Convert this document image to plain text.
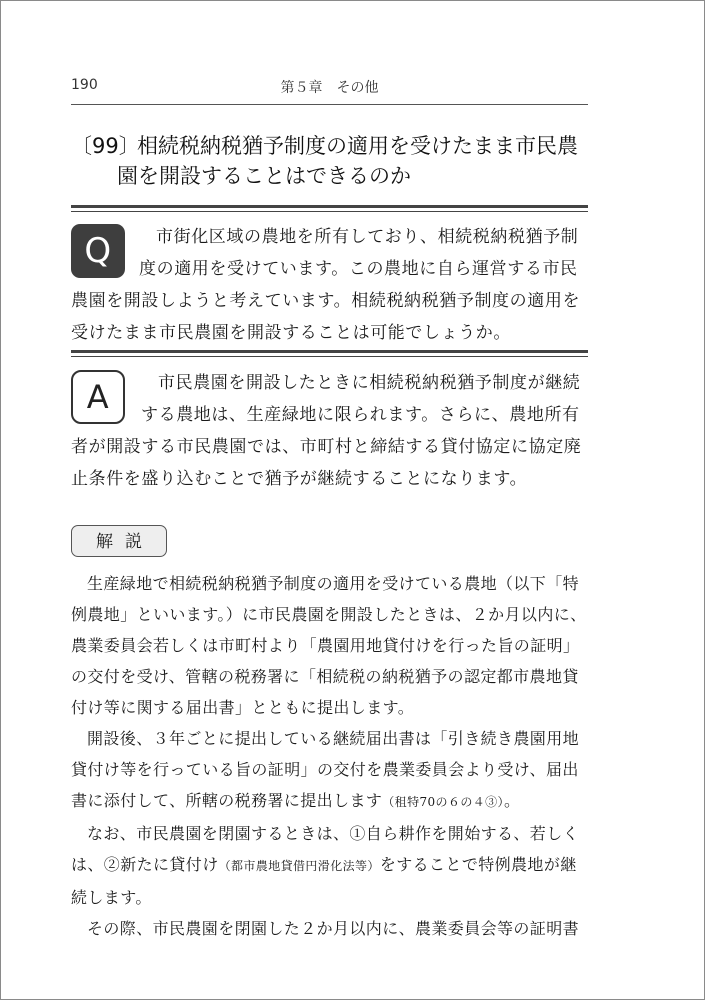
190	第５章　その他
〔99〕相続税納税猶予制度の適用を受けたまま市民農
園を開設することはできるのか
Q	市街化区域の農地を所有しており、相続税納税猶予制度の適用を受けています。この農地に自ら運営する市民農園を開設しようと考えています。相続税納税猶予制度の適用を受けたまま市民農園を開設することは可能でしょうか。
A	市民農園を開設したときに相続税納税猶予制度が継続する農地は、生産緑地に限られます。さらに、農地所有者が開設する市民農園では、市町村と締結する貸付協定に協定廃止条件を盛り込むことで猶予が継続することになります。
解説

生産緑地で相続税納税猶予制度の適用を受けている農地（以下「特例農地」といいます。）に市民農園を開設したときは、２か月以内に、農業委員会若しくは市町村より「農園用地貸付けを行った旨の証明」の交付を受け、管轄の税務署に「相続税の納税猶予の認定都市農地貸付け等に関する届出書」とともに提出します。

開設後、３年ごとに提出している継続届出書は「引き続き農園用地貸付け等を行っている旨の証明」の交付を農業委員会より受け、届出書に添付して、所轄の税務署に提出します（租特70の６の４③）。

なお、市民農園を閉園するときは、①自ら耕作を開始する、若しくは、②新たに貸付け（都市農地貸借円滑化法等）をすることで特例農地が継続します。

その際、市民農園を閉園した２か月以内に、農業委員会等の証明書
